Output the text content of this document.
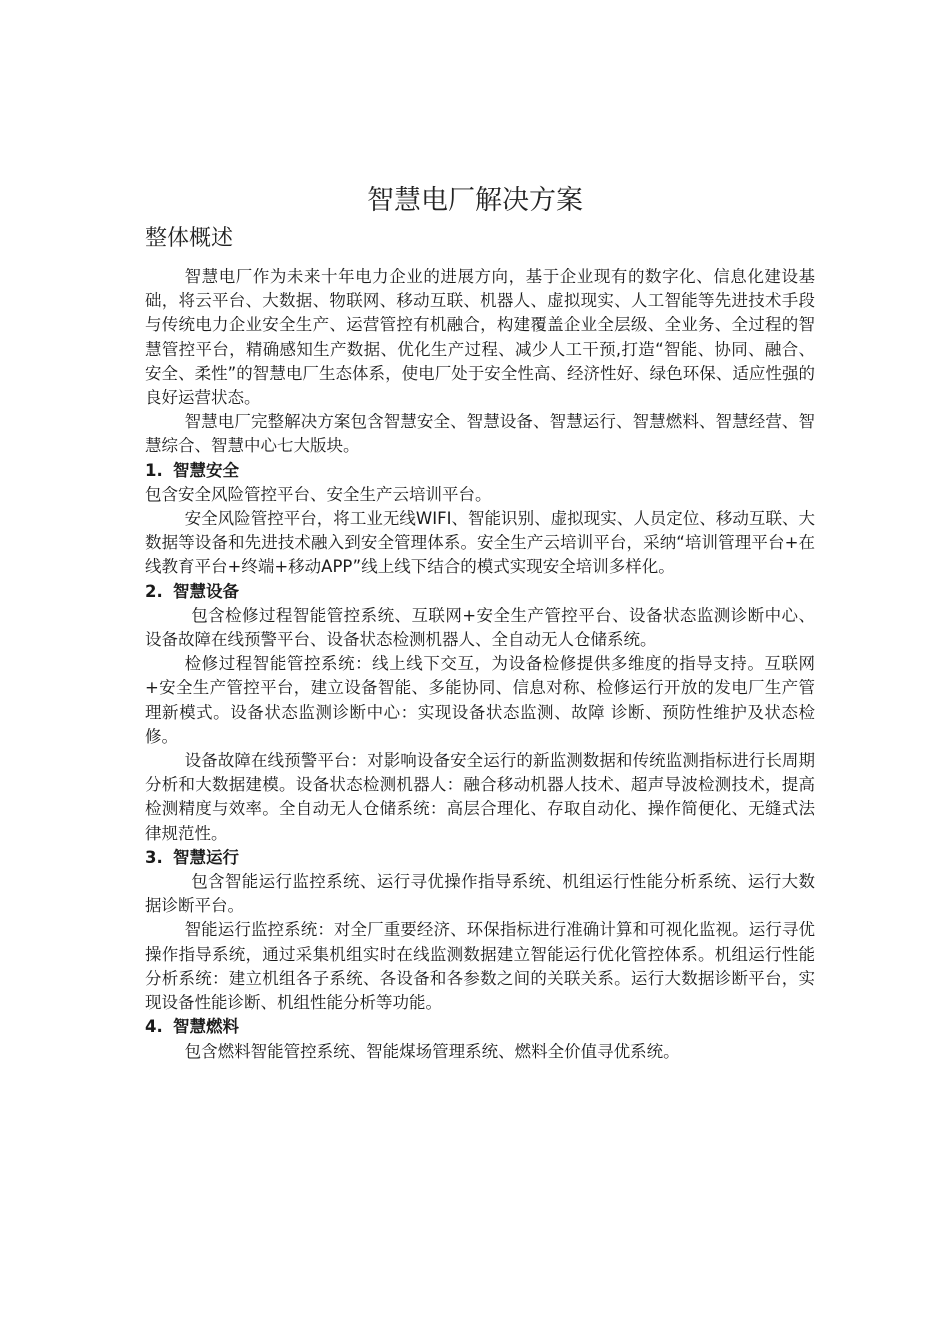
智慧电厂解决方案
整体概述

智慧电厂作为未来十年电力企业的进展方向，基于企业现有的数字化、信息化建设基础，将云平台、大数据、物联网、移动互联、机器人、虚拟现实、人工智能等先进技术手段与传统电力企业安全生产、运营管控有机融合，构建覆盖企业全层级、全业务、全过程的智慧管控平台，精确感知生产数据、优化生产过程、减少人工干预,打造“智能、协同、融合、安全、柔性”的智慧电厂生态体系，使电厂处于安全性高、经济性好、绿色环保、适应性强的良好运营状态。

智慧电厂完整解决方案包含智慧安全、智慧设备、智慧运行、智慧燃料、智慧经营、智慧综合、智慧中心七大版块。

1. 智慧安全

包含安全风险管控平台、安全生产云培训平台。

安全风险管控平台，将工业无线WIFI、智能识别、虚拟现实、人员定位、移动互联、大数据等设备和先进技术融入到安全管理体系。安全生产云培训平台，采纳“培训管理平台+在线教育平台+终端+移动APP”线上线下结合的模式实现安全培训多样化。

2. 智慧设备

包含检修过程智能管控系统、互联网+安全生产管控平台、设备状态监测诊断中心、设备故障在线预警平台、设备状态检测机器人、全自动无人仓储系统。

检修过程智能管控系统：线上线下交互，为设备检修提供多维度的指导支持。互联网+安全生产管控平台，建立设备智能、多能协同、信息对称、检修运行开放的发电厂生产管理新模式。设备状态监测诊断中心：实现设备状态监测、故障 诊断、预防性维护及状态检修。

设备故障在线预警平台：对影响设备安全运行的新监测数据和传统监测指标进行长周期分析和大数据建模。设备状态检测机器人：融合移动机器人技术、超声导波检测技术，提高检测精度与效率。全自动无人仓储系统：高层合理化、存取自动化、操作简便化、无缝式法律规范性。

3. 智慧运行

包含智能运行监控系统、运行寻优操作指导系统、机组运行性能分析系统、运行大数据诊断平台。

智能运行监控系统：对全厂重要经济、环保指标进行准确计算和可视化监视。运行寻优操作指导系统，通过采集机组实时在线监测数据建立智能运行优化管控体系。机组运行性能分析系统：建立机组各子系统、各设备和各参数之间的关联关系。运行大数据诊断平台，实现设备性能诊断、机组性能分析等功能。

4. 智慧燃料

包含燃料智能管控系统、智能煤场管理系统、燃料全价值寻优系统。
